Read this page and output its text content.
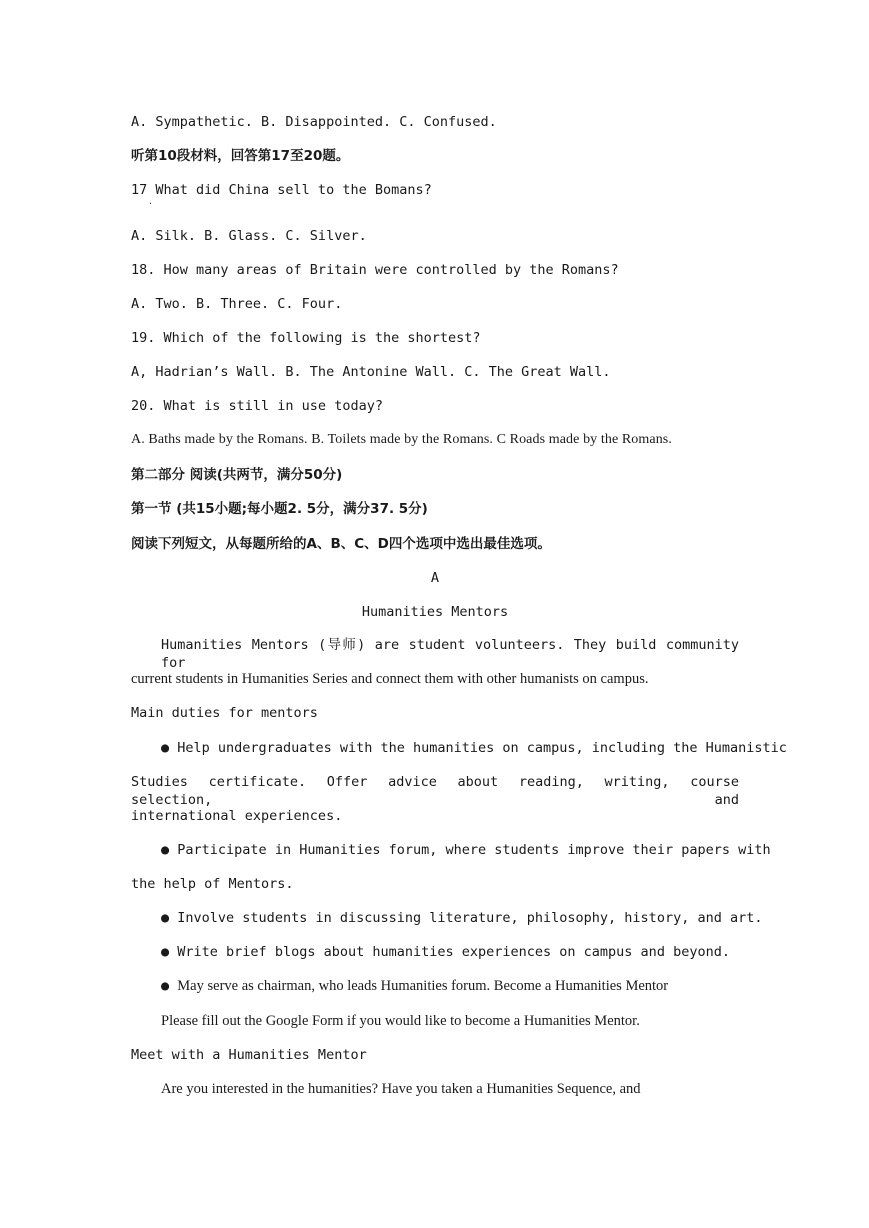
A. Sympathetic. B. Disappointed. C. Confused.
听第10段材料，回答第17至20题。
17 What did China sell to the Bomans?
·
A. Silk. B. Glass. C. Silver.
18. How many areas of Britain were controlled by the Romans?
A. Two. B. Three. C. Four.
19. Which of the following is the shortest?
A, Hadrian’s Wall. B. The Antonine Wall. C. The Great Wall.
20. What is still in use today?
A. Baths made by the Romans. B. Toilets made by the Romans. C Roads made by the Romans.
第二部分 阅读(共两节，满分50分)
第一节 (共15小题;每小题2. 5分，满分37. 5分)
阅读下列短文，从每题所给的A、B、C、D四个选项中选出最佳选项。
A
Humanities Mentors
Humanities Mentors (导师) are student volunteers. They build community for
current students in Humanities Series and connect them with other humanists on campus.
Main duties for mentors
● Help undergraduates with the humanities on campus, including the Humanistic
Studies certificate. Offer advice about reading, writing, course selection, and
international experiences.
● Participate in Humanities forum, where students improve their papers with
the help of Mentors.
● Involve students in discussing literature, philosophy, history, and art.
● Write brief blogs about humanities experiences on campus and beyond.
● May serve as chairman, who leads Humanities forum. Become a Humanities Mentor
Please fill out the Google Form if you would like to become a Humanities Mentor.
Meet with a Humanities Mentor
Are you interested in the humanities? Have you taken a Humanities Sequence, and
